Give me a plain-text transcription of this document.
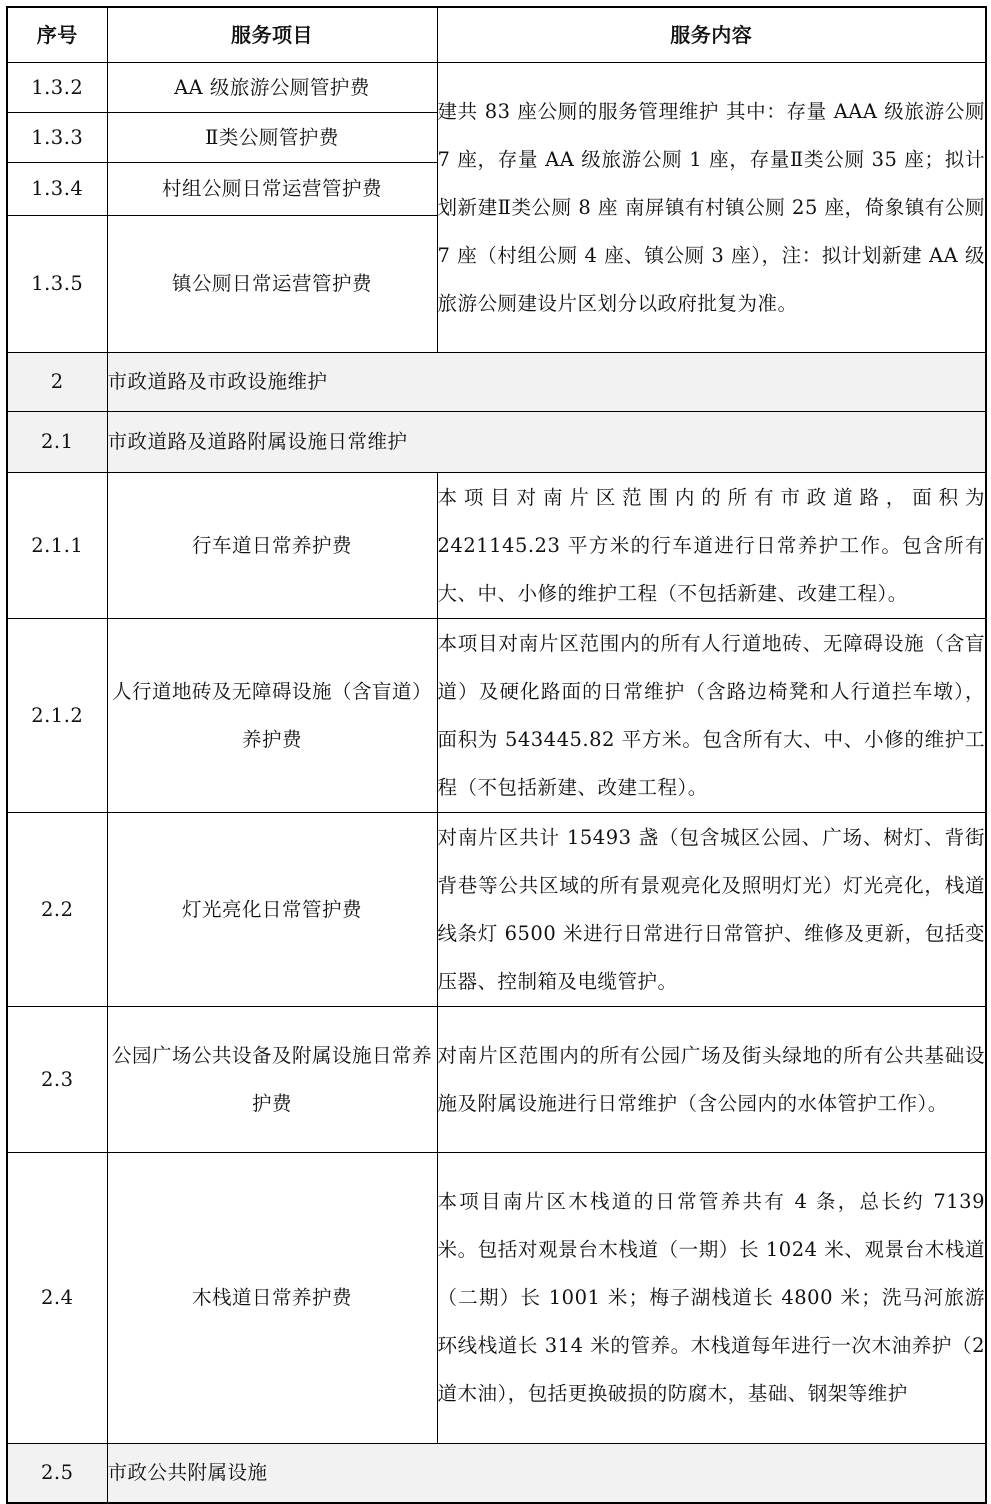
序号	服务项目	服务内容
1.3.2	AA 级旅游公厕管护费	建共 83 座公厕的服务管理维护 其中：存量 AAA 级旅游公厕 7 座，存量 AA 级旅游公厕 1 座，存量Ⅱ类公厕 35 座；拟计划新建Ⅱ类公厕 8 座 南屏镇有村镇公厕 25 座，倚象镇有公厕 7 座（村组公厕 4 座、镇公厕 3 座），注：拟计划新建 AA 级旅游公厕建设片区划分以政府批复为准。
1.3.3	Ⅱ类公厕管护费	
1.3.4	村组公厕日常运营管护费	
1.3.5	镇公厕日常运营管护费	
2	市政道路及市政设施维护	
2.1	市政道路及道路附属设施日常维护	
2.1.1	行车道日常养护费	本项目对南片区范围内的所有市政道路，面积为 2421145.23 平方米的行车道进行日常养护工作。包含所有大、中、小修的维护工程（不包括新建、改建工程）。
2.1.2	人行道地砖及无障碍设施（含盲道）养护费	本项目对南片区范围内的所有人行道地砖、无障碍设施（含盲道）及硬化路面的日常维护（含路边椅凳和人行道拦车墩），面积为 543445.82 平方米。包含所有大、中、小修的维护工程（不包括新建、改建工程）。
2.2	灯光亮化日常管护费	对南片区共计 15493 盏（包含城区公园、广场、树灯、背街背巷等公共区域的所有景观亮化及照明灯光）灯光亮化，栈道线条灯 6500 米进行日常进行日常管护、维修及更新，包括变压器、控制箱及电缆管护。
2.3	公园广场公共设备及附属设施日常养护费	对南片区范围内的所有公园广场及街头绿地的所有公共基础设施及附属设施进行日常维护（含公园内的水体管护工作）。
2.4	木栈道日常养护费	本项目南片区木栈道的日常管养共有 4 条，总长约 7139 米。包括对观景台木栈道（一期）长 1024 米、观景台木栈道（二期）长 1001 米；梅子湖栈道长 4800 米；洗马河旅游环线栈道长 314 米的管养。木栈道每年进行一次木油养护（2 道木油），包括更换破损的防腐木，基础、钢架等维护
2.5	市政公共附属设施	
